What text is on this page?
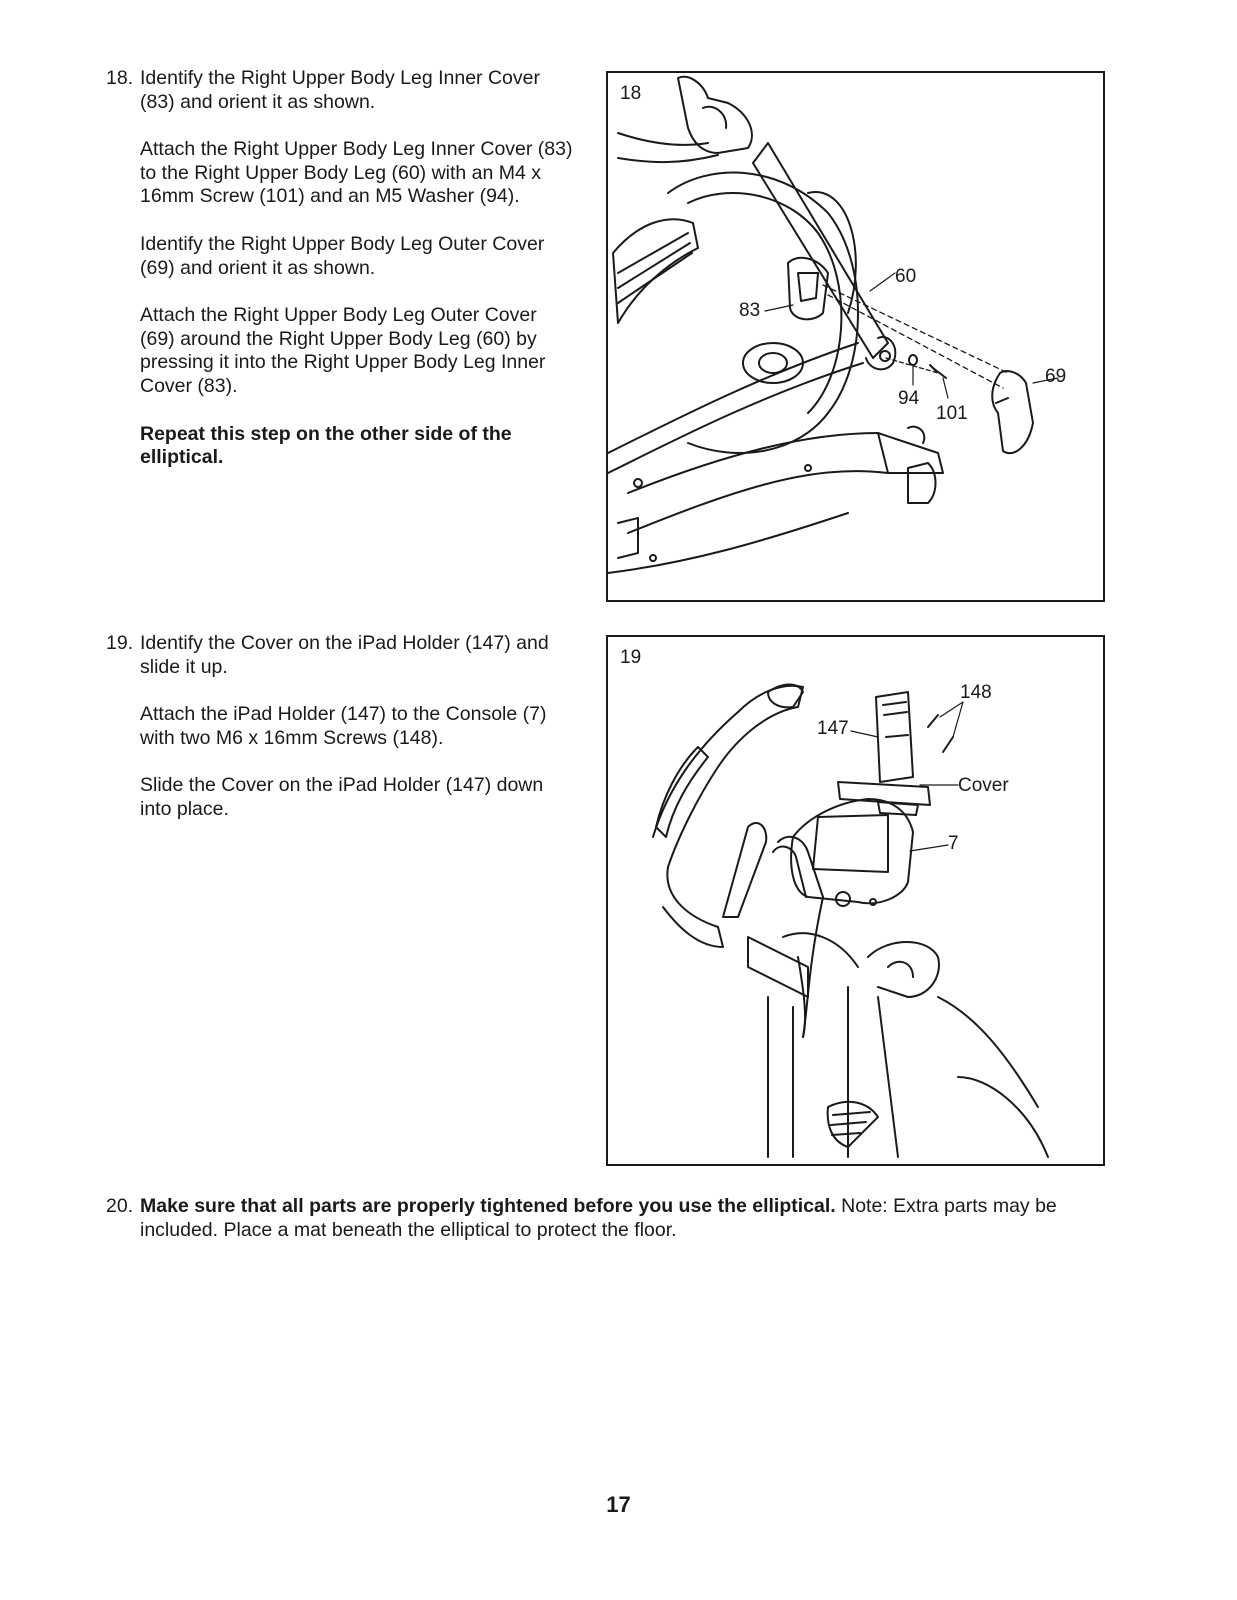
18. Identify the Right Upper Body Leg Inner Cover (83) and orient it as shown.

Attach the Right Upper Body Leg Inner Cover (83) to the Right Upper Body Leg (60) with an M4 x 16mm Screw (101) and an M5 Washer (94).

Identify the Right Upper Body Leg Outer Cover (69) and orient it as shown.

Attach the Right Upper Body Leg Outer Cover (69) around the Right Upper Body Leg (60) by pressing it into the Right Upper Body Leg Inner Cover (83).

Repeat this step on the other side of the elliptical.

18
60
83
69
94
101
19. Identify the Cover on the iPad Holder (147) and slide it up.

Attach the iPad Holder (147) to the Console (7) with two M6 x 16mm Screws (148).

Slide the Cover on the iPad Holder (147) down into place.

19
148
147
Cover
7
20. Make sure that all parts are properly tightened before you use the elliptical. Note: Extra parts may be included. Place a mat beneath the elliptical to protect the floor.

17
